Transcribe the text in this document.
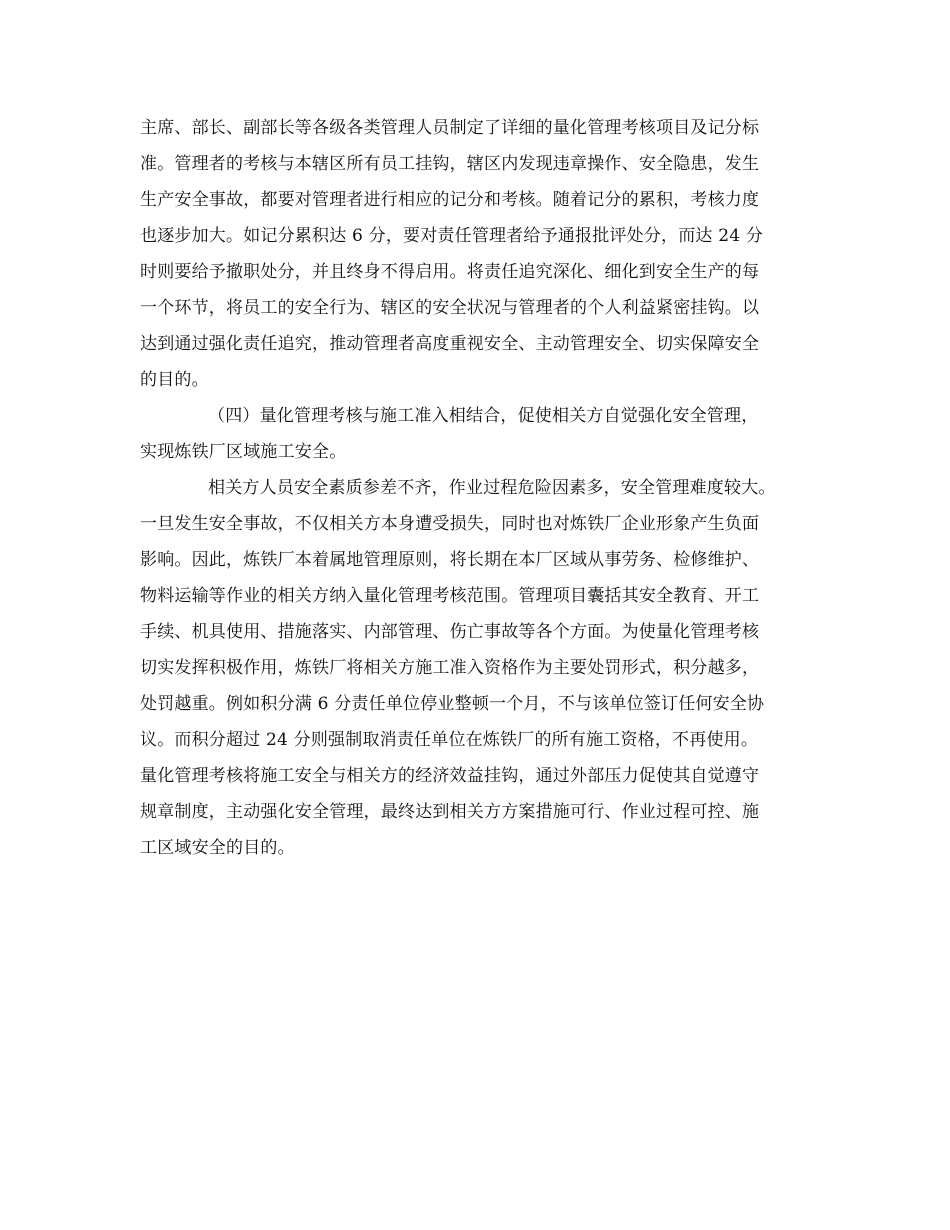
主席、部长、副部长等各级各类管理人员制定了详细的量化管理考核项目及记分标
准。管理者的考核与本辖区所有员工挂钩，辖区内发现违章操作、安全隐患，发生
生产安全事故，都要对管理者进行相应的记分和考核。随着记分的累积，考核力度
也逐步加大。如记分累积达 6 分，要对责任管理者给予通报批评处分，而达 24 分
时则要给予撤职处分，并且终身不得启用。将责任追究深化、细化到安全生产的每
一个环节，将员工的安全行为、辖区的安全状况与管理者的个人利益紧密挂钩。以
达到通过强化责任追究，推动管理者高度重视安全、主动管理安全、切实保障安全
的目的。
（四）量化管理考核与施工准入相结合，促使相关方自觉强化安全管理，
实现炼铁厂区域施工安全。
相关方人员安全素质参差不齐，作业过程危险因素多，安全管理难度较大。
一旦发生安全事故，不仅相关方本身遭受损失，同时也对炼铁厂企业形象产生负面
影响。因此，炼铁厂本着属地管理原则，将长期在本厂区域从事劳务、检修维护、
物料运输等作业的相关方纳入量化管理考核范围。管理项目囊括其安全教育、开工
手续、机具使用、措施落实、内部管理、伤亡事故等各个方面。为使量化管理考核
切实发挥积极作用，炼铁厂将相关方施工准入资格作为主要处罚形式，积分越多，
处罚越重。例如积分满 6 分责任单位停业整顿一个月，不与该单位签订任何安全协
议。而积分超过 24 分则强制取消责任单位在炼铁厂的所有施工资格，不再使用。
量化管理考核将施工安全与相关方的经济效益挂钩，通过外部压力促使其自觉遵守
规章制度，主动强化安全管理，最终达到相关方方案措施可行、作业过程可控、施
工区域安全的目的。
